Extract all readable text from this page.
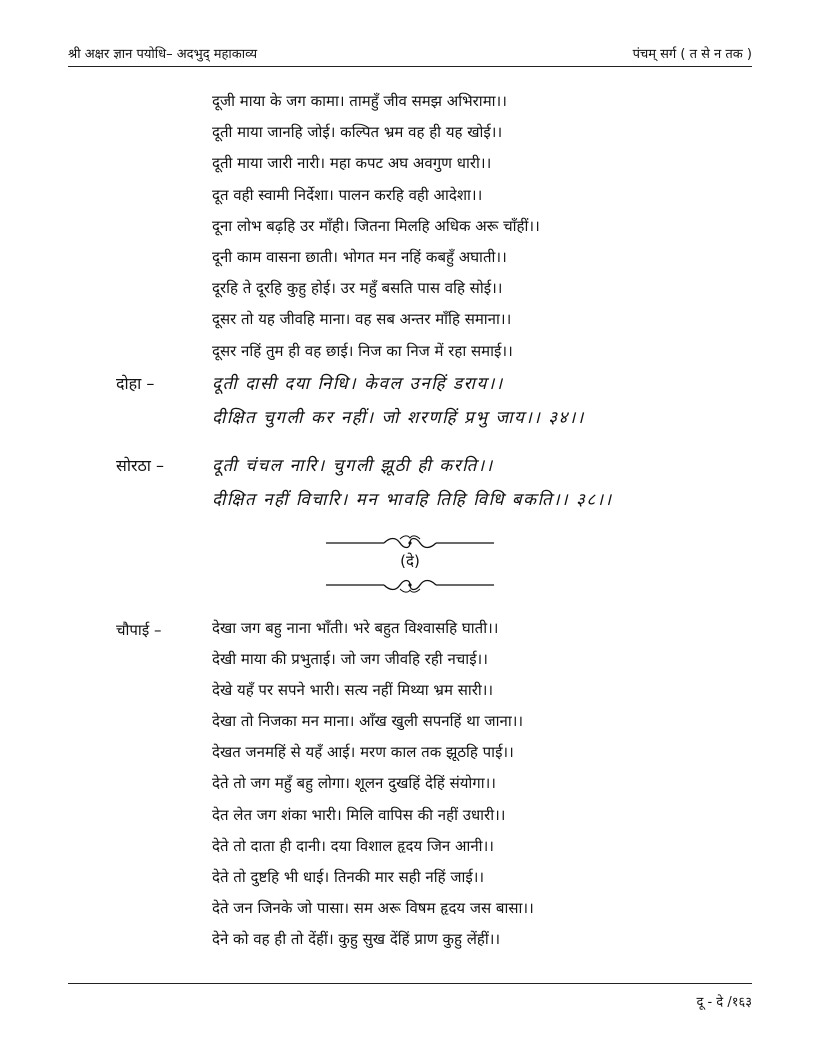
श्री अक्षर ज्ञान पयोधि– अदभुद् महाकाव्य	पंचम् सर्ग ( त से न तक )
दूजी माया के जग कामा। तामहुँ जीव समझ अभिरामा।।
दूती माया जानहि जोई। कल्पित भ्रम वह ही यह खोई।।
दूती माया जारी नारी। महा कपट अघ अवगुण धारी।।
दूत वही स्वामी निर्देशा। पालन करहि वही आदेशा।।
दूना लोभ बढ़हि उर माँही। जितना मिलहि अधिक अरू चाँहीं।।
दूनी काम वासना छाती। भोगत मन नहिं कबहुँ अघाती।।
दूरहि ते दूरहि कुहु होई। उर महुँ बसति पास वहि सोई।।
दूसर तो यह जीवहि माना। वह सब अन्तर माँहि समाना।।
दूसर नहिं तुम ही वह छाई। निज का निज में रहा समाई।।
दोहा –	दूती दासी दया निधि। केवल उनहिं डराय।।
दीक्षित चुगली कर नहीं। जो शरणहिं प्रभु जाय।। ३४।।
सोरठा –	दूती चंचल नारि। चुगली झूठी ही करति।।
दीक्षित नहीं विचारि। मन भावहि तिहि विधि बकति।। ३८।।
(दे)
चौपाई –	देखा जग बहु नाना भाँती। भरे बहुत विश्वासहि घाती।।
देखी माया की प्रभुताई। जो जग जीवहि रही नचाई।।
देखे यहँ पर सपने भारी। सत्य नहीं मिथ्या भ्रम सारी।।
देखा तो निजका मन माना। आँख खुली सपनहिं था जाना।।
देखत जनमहिं से यहँ आई। मरण काल तक झूठहि पाई।।
देते तो जग महुँ बहु लोगा। शूलन दुखहिं देहिं संयोगा।।
देत लेत जग शंका भारी। मिलि वापिस की नहीं उधारी।।
देते तो दाता ही दानी। दया विशाल हृदय जिन आनी।।
देते तो दुष्टहि भी धाई। तिनकी मार सही नहिं जाई।।
देते जन जिनके जो पासा। सम अरू विषम हृदय जस बासा।।
देने को वह ही तो देंहीं। कुहु सुख देंहिं प्राण कुहु लेंहीं।।
दू - दे /१६३
